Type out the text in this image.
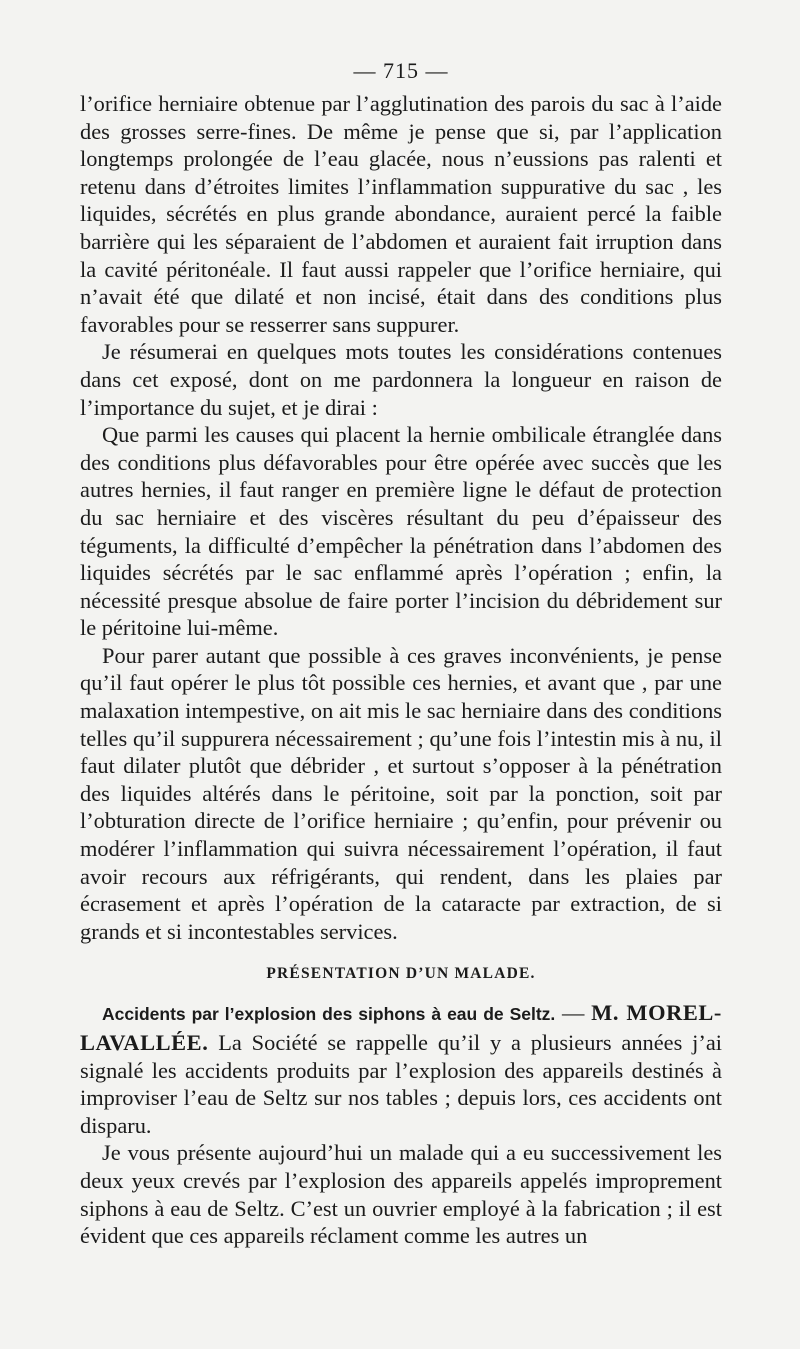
— 715 —

l’orifice herniaire obtenue par l’agglutination des parois du sac à l’aide des grosses serre-fines. De même je pense que si, par l’application longtemps prolongée de l’eau glacée, nous n’eussions pas ralenti et retenu dans d’étroites limites l’inflammation suppurative du sac , les liquides, sécrétés en plus grande abondance, auraient percé la faible barrière qui les séparaient de l’abdomen et auraient fait irruption dans la cavité péritonéale. Il faut aussi rappeler que l’orifice herniaire, qui n’avait été que dilaté et non incisé, était dans des conditions plus favorables pour se resserrer sans suppurer.

Je résumerai en quelques mots toutes les considérations contenues dans cet exposé, dont on me pardonnera la longueur en raison de l’importance du sujet, et je dirai :

Que parmi les causes qui placent la hernie ombilicale étranglée dans des conditions plus défavorables pour être opérée avec succès que les autres hernies, il faut ranger en première ligne le défaut de protection du sac herniaire et des viscères résultant du peu d’épaisseur des téguments, la difficulté d’empêcher la pénétration dans l’abdomen des liquides sécrétés par le sac enflammé après l’opération ; enfin, la nécessité presque absolue de faire porter l’incision du débridement sur le péritoine lui-même.

Pour parer autant que possible à ces graves inconvénients, je pense qu’il faut opérer le plus tôt possible ces hernies, et avant que , par une malaxation intempestive, on ait mis le sac herniaire dans des conditions telles qu’il suppurera nécessairement ; qu’une fois l’intestin mis à nu, il faut dilater plutôt que débrider , et surtout s’opposer à la pénétration des liquides altérés dans le péritoine, soit par la ponction, soit par l’obturation directe de l’orifice herniaire ; qu’enfin, pour prévenir ou modérer l’inflammation qui suivra nécessairement l’opération, il faut avoir recours aux réfrigérants, qui rendent, dans les plaies par écrasement et après l’opération de la cataracte par extraction, de si grands et si incontestables services.

PRÉSENTATION D’UN MALADE.

Accidents par l’explosion des siphons à eau de Seltz. — M. MOREL-LAVALLÉE. La Société se rappelle qu’il y a plusieurs années j’ai signalé les accidents produits par l’explosion des appareils destinés à improviser l’eau de Seltz sur nos tables ; depuis lors, ces accidents ont disparu.

Je vous présente aujourd’hui un malade qui a eu successivement les deux yeux crevés par l’explosion des appareils appelés improprement siphons à eau de Seltz. C’est un ouvrier employé à la fabrication ; il est évident que ces appareils réclament comme les autres un
